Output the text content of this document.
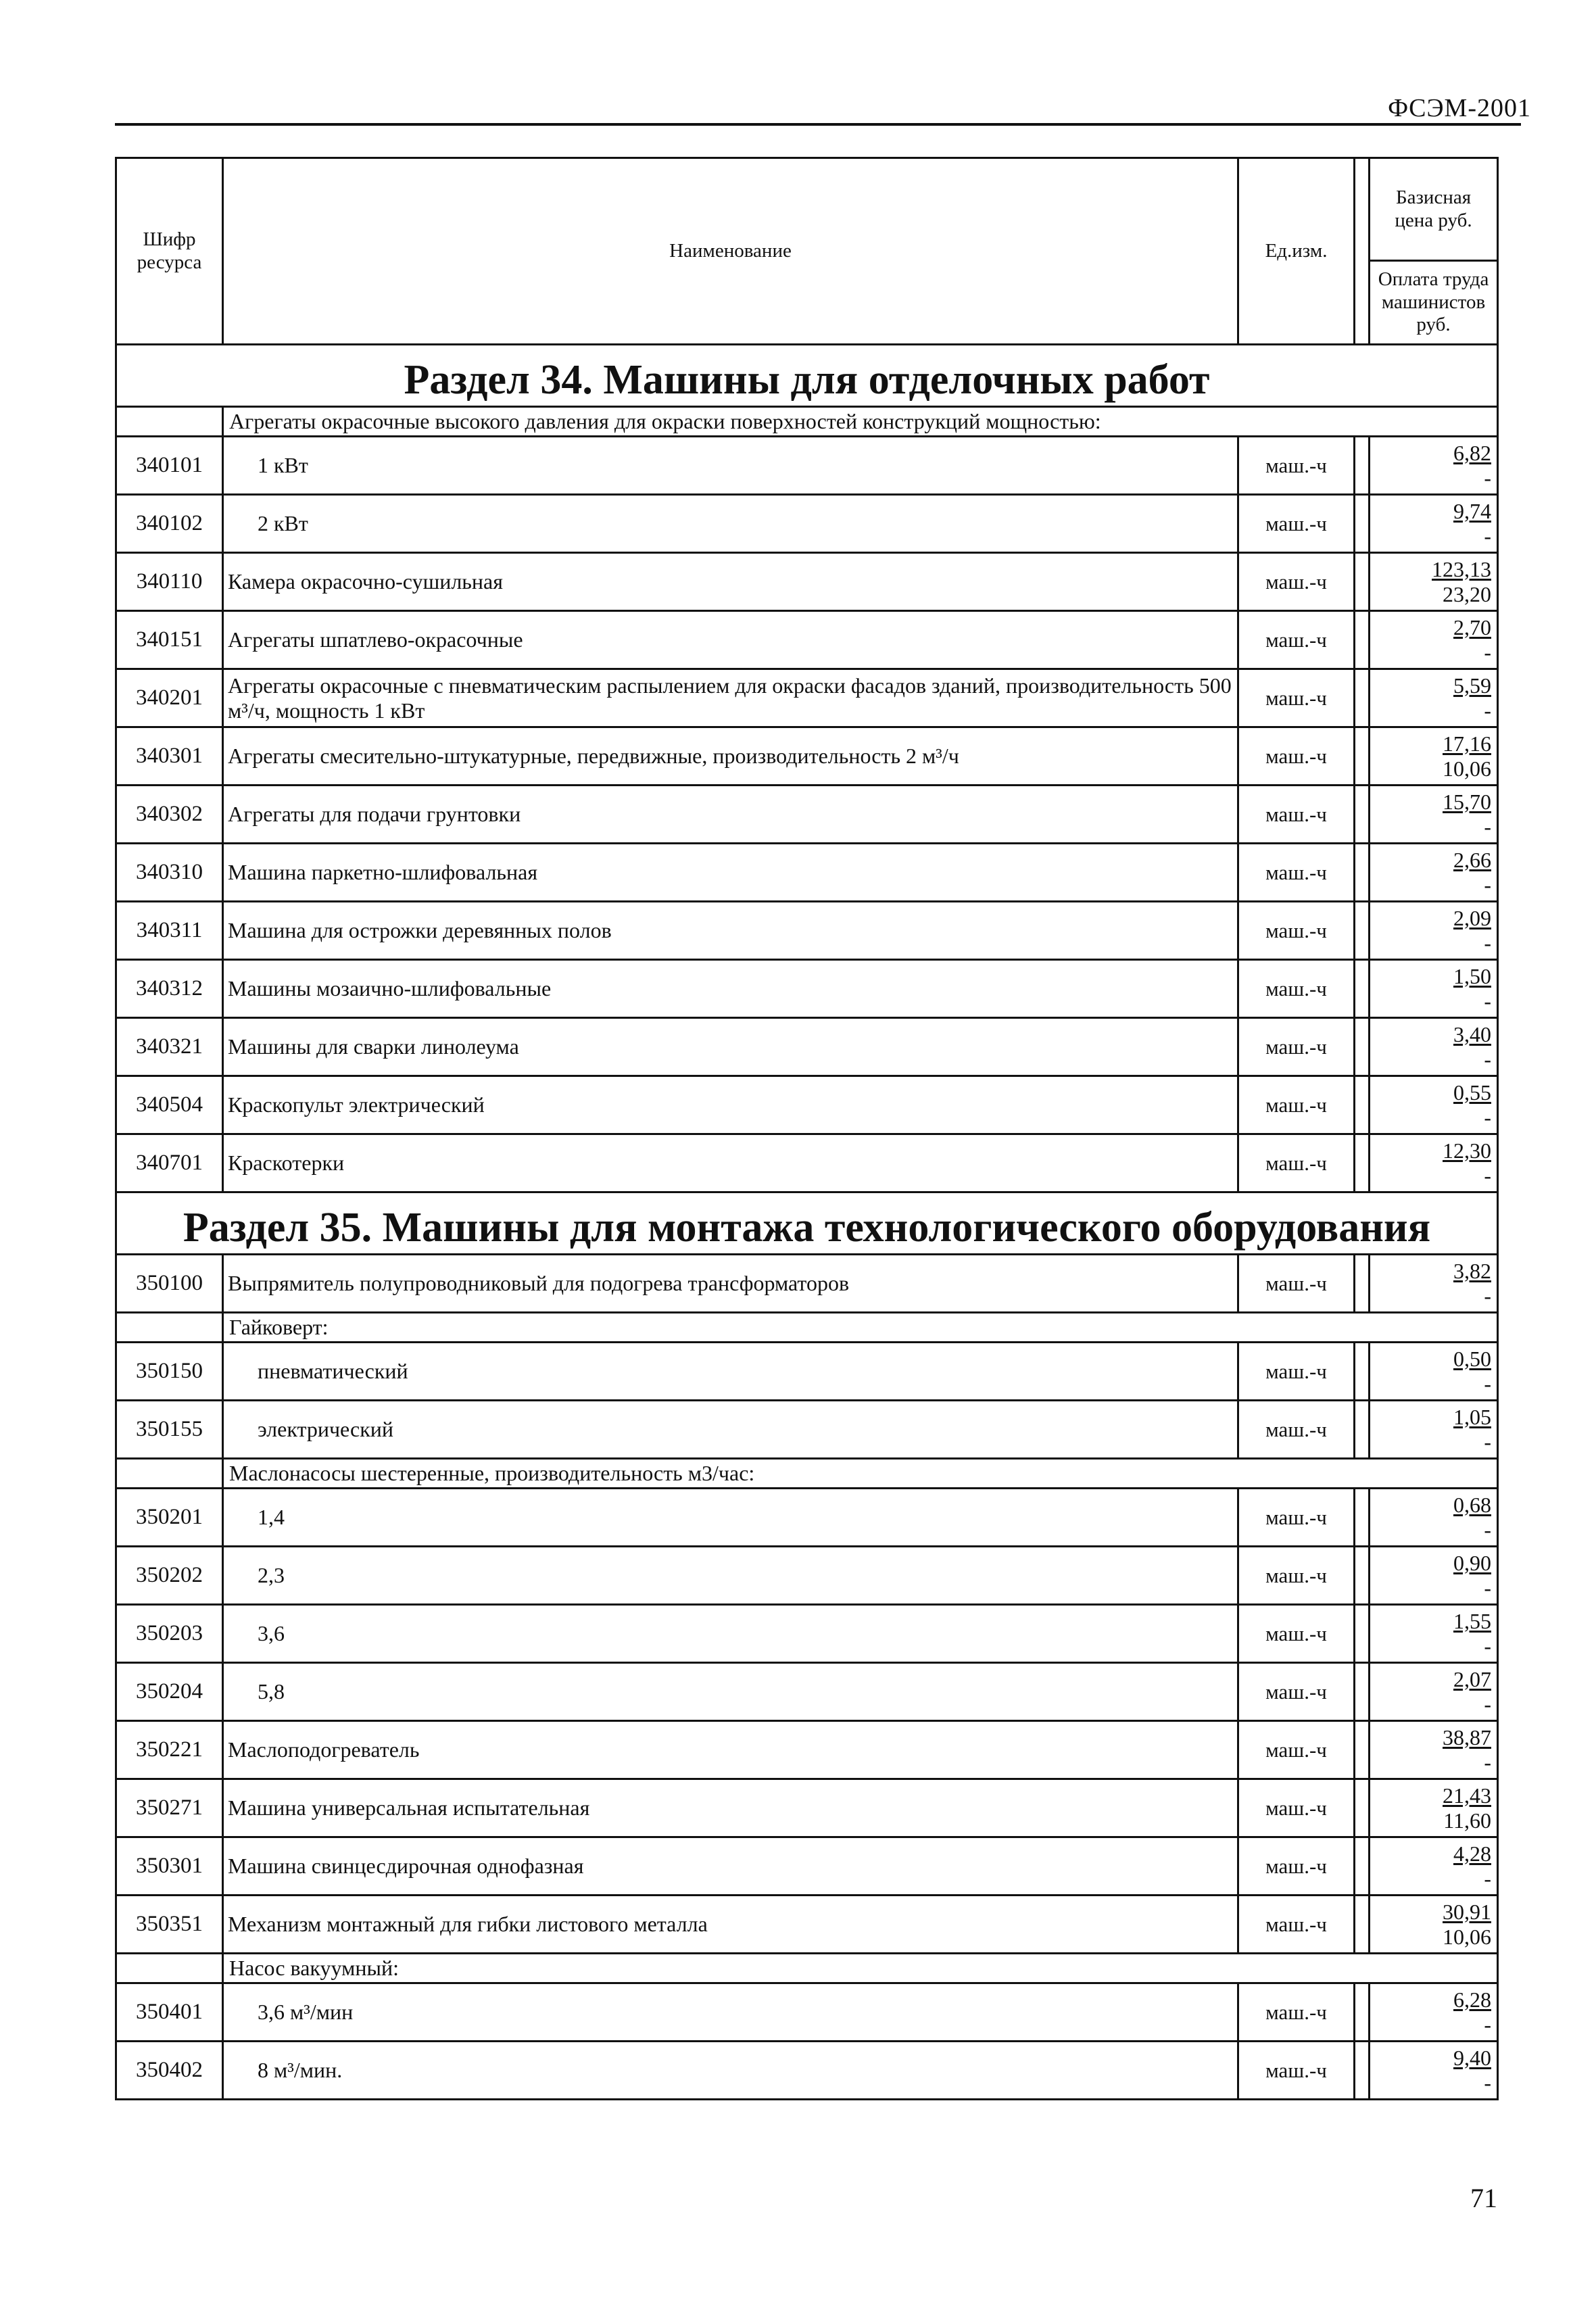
ФСЭМ-2001
Шифр ресурса	Наименование	Ед.изм.		Базисная цена руб.
				Оплата труда машинистов руб.
Раздел 34. Машины для отделочных работ				
	Агрегаты окрасочные высокого давления для окраски поверхностей конструкций мощностью:			
340101	1 кВт	маш.-ч		6,82
-

340102	2 кВт	маш.-ч		9,74
-

340110	Камера окрасочно-сушильная	маш.-ч		123,13
23,20

340151	Агрегаты шпатлево-окрасочные	маш.-ч		2,70
-

340201	Агрегаты окрасочные с пневматическим распылением для окраски фасадов зданий, производительность 500 м³/ч, мощность 1 кВт	маш.-ч		5,59
-

340301	Агрегаты смесительно-штукатурные, передвижные, производительность 2 м³/ч	маш.-ч		17,16
10,06

340302	Агрегаты для подачи грунтовки	маш.-ч		15,70
-

340310	Машина паркетно-шлифовальная	маш.-ч		2,66
-

340311	Машина для острожки деревянных полов	маш.-ч		2,09
-

340312	Машины мозаично-шлифовальные	маш.-ч		1,50
-

340321	Машины для сварки линолеума	маш.-ч		3,40
-

340504	Краскопульт электрический	маш.-ч		0,55
-

340701	Краскотерки	маш.-ч		12,30
-

Раздел 35. Машины для монтажа технологического оборудования				
350100	Выпрямитель полупроводниковый для подогрева трансформаторов	маш.-ч		3,82
-

	Гайковерт:			
350150	пневматический	маш.-ч		0,50
-

350155	электрический	маш.-ч		1,05
-

	Маслонасосы шестеренные, производительность м3/час:			
350201	1,4	маш.-ч		0,68
-

350202	2,3	маш.-ч		0,90
-

350203	3,6	маш.-ч		1,55
-

350204	5,8	маш.-ч		2,07
-

350221	Маслоподогреватель	маш.-ч		38,87
-

350271	Машина универсальная испытательная	маш.-ч		21,43
11,60

350301	Машина свинцесдирочная однофазная	маш.-ч		4,28
-

350351	Механизм монтажный для гибки листового металла	маш.-ч		30,91
10,06

	Насос вакуумный:			
350401	3,6 м³/мин	маш.-ч		6,28
-

350402	8 м³/мин.	маш.-ч		9,40
-
71
